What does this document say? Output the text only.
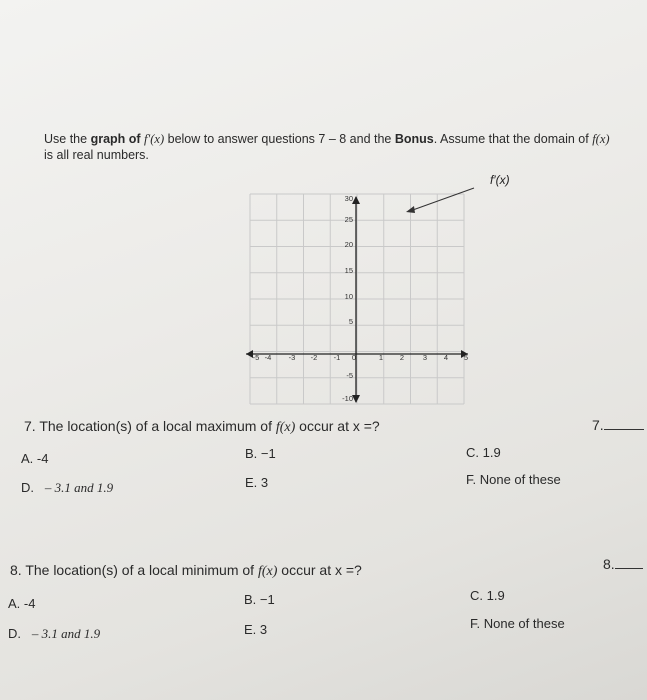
Use the graph of f′(x) below to answer questions 7 – 8 and the Bonus. Assume that the domain of f(x) is all real numbers.
-5 -4 -3 -2 -1 0	1 2	3 4 5
30
25
20
15
10
5
-5
-10
f′(x)
7. The location(s) of a local maximum of f(x) occur at x =?	7.
A. -4	B. −1	C. 1.9
D. – 3.1 and 1.9	E. 3	F. None of these
8. The location(s) of a local minimum of f(x) occur at x =?	8.
A. -4	B. −1	C. 1.9
D. – 3.1 and 1.9	E. 3	F. None of these
